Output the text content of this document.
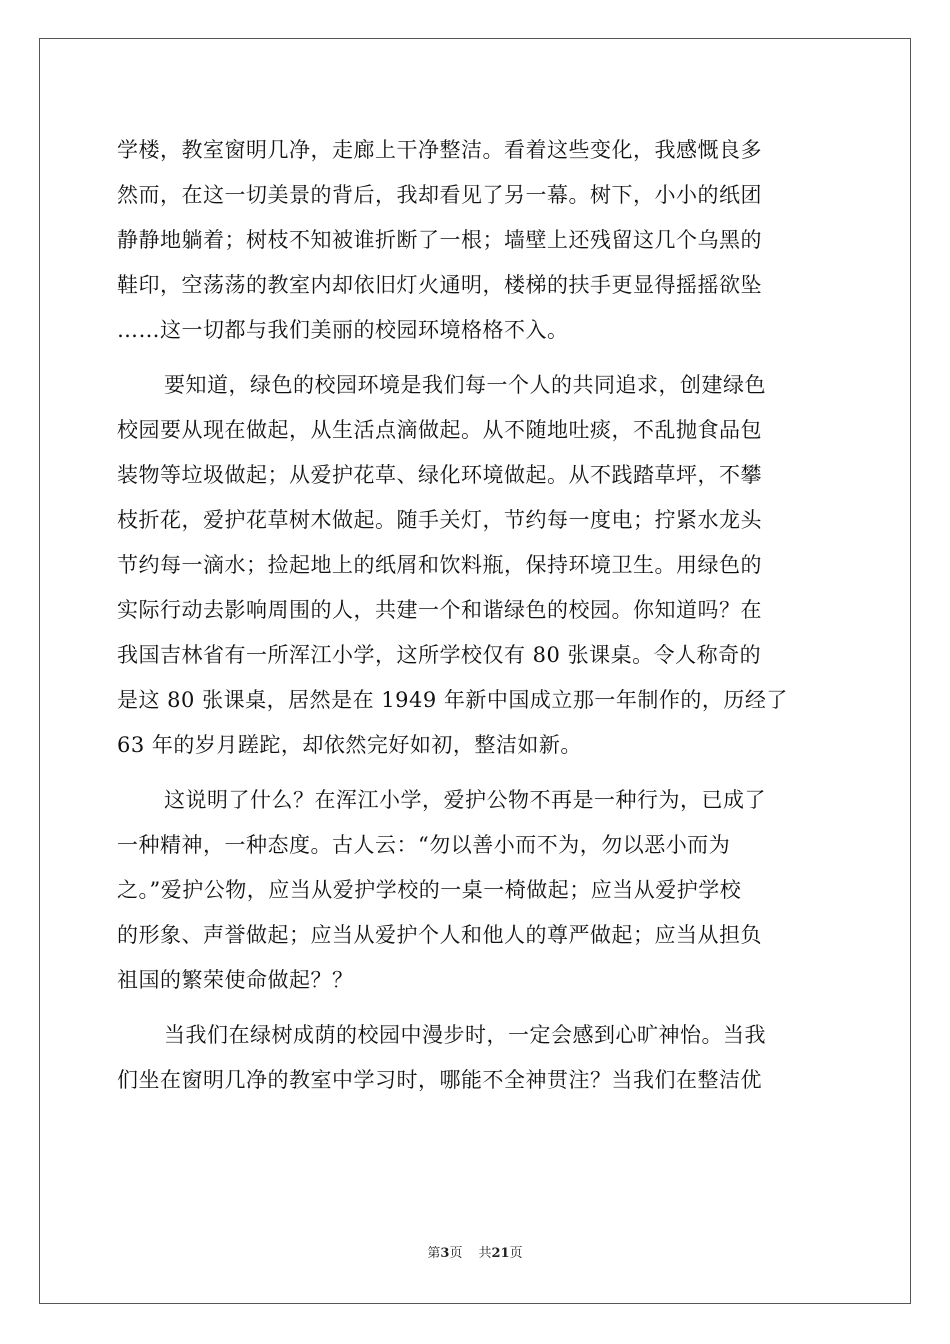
学楼，教室窗明几净，走廊上干净整洁。看着这些变化，我感慨良多
然而，在这一切美景的背后，我却看见了另一幕。树下，小小的纸团
静静地躺着；树枝不知被谁折断了一根；墙壁上还残留这几个乌黑的
鞋印，空荡荡的教室内却依旧灯火通明，楼梯的扶手更显得摇摇欲坠
……这一切都与我们美丽的校园环境格格不入。
要知道，绿色的校园环境是我们每一个人的共同追求，创建绿色
校园要从现在做起，从生活点滴做起。从不随地吐痰，不乱抛食品包
装物等垃圾做起；从爱护花草、绿化环境做起。从不践踏草坪，不攀
枝折花，爱护花草树木做起。随手关灯，节约每一度电；拧紧水龙头
节约每一滴水；捡起地上的纸屑和饮料瓶，保持环境卫生。用绿色的
实际行动去影响周围的人，共建一个和谐绿色的校园。你知道吗？在
我国吉林省有一所浑江小学，这所学校仅有 80 张课桌。令人称奇的
是这 80 张课桌，居然是在 1949 年新中国成立那一年制作的，历经了
63 年的岁月蹉跎，却依然完好如初，整洁如新。
这说明了什么？在浑江小学，爱护公物不再是一种行为，已成了
一种精神，一种态度。古人云：“勿以善小而不为，勿以恶小而为
之。”爱护公物，应当从爱护学校的一桌一椅做起；应当从爱护学校
的形象、声誉做起；应当从爱护个人和他人的尊严做起；应当从担负
祖国的繁荣使命做起？？
当我们在绿树成荫的校园中漫步时，一定会感到心旷神怡。当我
们坐在窗明几净的教室中学习时，哪能不全神贯注？当我们在整洁优
第3页 共21页
